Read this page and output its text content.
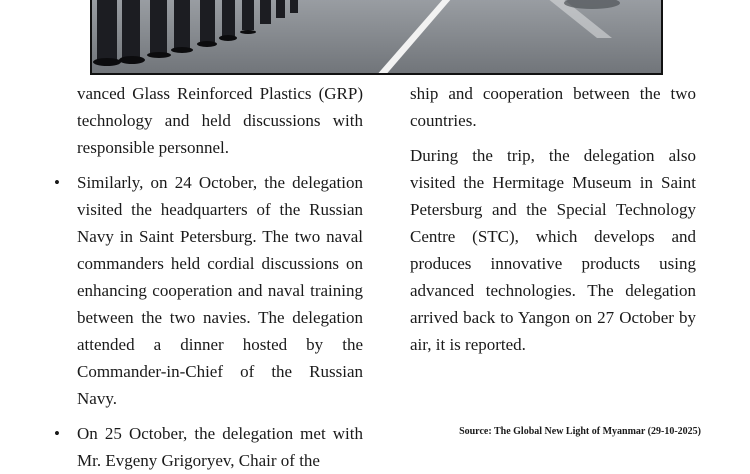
vanced Glass Reinforced Plastics (GRP) technology and held discussions with responsible personnel.

• Similarly, on 24 October, the delegation visited the headquarters of the Russian Navy in Saint Petersburg. The two naval commanders held cordial discussions on enhancing cooperation and naval training between the two navies. The delegation attended a dinner hosted by the Commander-in-Chief of the Russian Navy.

• On 25 October, the delegation met with Mr. Evgeny Grigoryev, Chair of the

ship and cooperation between the two countries.

During the trip, the delegation also visited the Hermitage Museum in Saint Petersburg and the Special Technology Centre (STC), which develops and produces innovative products using advanced technologies. The delegation arrived back to Yangon on 27 October by air, it is reported.

Source: The Global New Light of Myanmar (29-10-2025)
